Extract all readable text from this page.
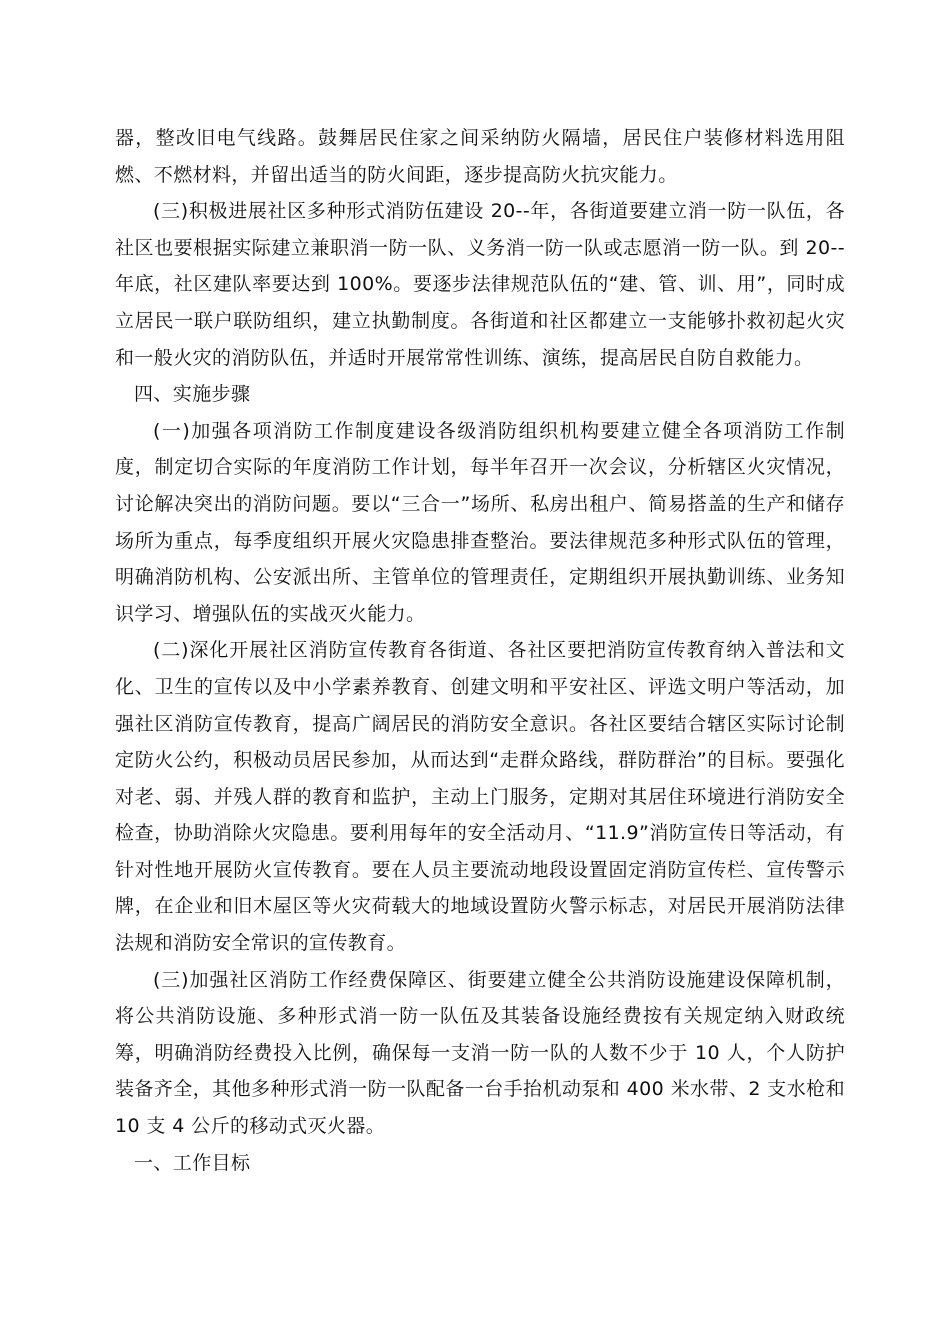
器，整改旧电气线路。鼓舞居民住家之间采纳防火隔墙，居民住户装修材料选用阻燃、不燃材料，并留出适当的防火间距，逐步提高防火抗灾能力。

(三)积极进展社区多种形式消防伍建设 20--年，各街道要建立消一防一队伍，各社区也要根据实际建立兼职消一防一队、义务消一防一队或志愿消一防一队。到 20--年底，社区建队率要达到 100%。要逐步法律规范队伍的“建、管、训、用”，同时成立居民一联户联防组织，建立执勤制度。各街道和社区都建立一支能够扑救初起火灾和一般火灾的消防队伍，并适时开展常常性训练、演练，提高居民自防自救能力。

四、实施步骤

(一)加强各项消防工作制度建设各级消防组织机构要建立健全各项消防工作制度，制定切合实际的年度消防工作计划，每半年召开一次会议，分析辖区火灾情况，讨论解决突出的消防问题。要以“三合一”场所、私房出租户、简易搭盖的生产和储存场所为重点，每季度组织开展火灾隐患排查整治。要法律规范多种形式队伍的管理，明确消防机构、公安派出所、主管单位的管理责任，定期组织开展执勤训练、业务知识学习、增强队伍的实战灭火能力。

(二)深化开展社区消防宣传教育各街道、各社区要把消防宣传教育纳入普法和文化、卫生的宣传以及中小学素养教育、创建文明和平安社区、评选文明户等活动，加强社区消防宣传教育，提高广阔居民的消防安全意识。各社区要结合辖区实际讨论制定防火公约，积极动员居民参加，从而达到“走群众路线，群防群治”的目标。要强化对老、弱、并残人群的教育和监护，主动上门服务，定期对其居住环境进行消防安全检查，协助消除火灾隐患。要利用每年的安全活动月、“11.9”消防宣传日等活动，有针对性地开展防火宣传教育。要在人员主要流动地段设置固定消防宣传栏、宣传警示牌，在企业和旧木屋区等火灾荷载大的地域设置防火警示标志，对居民开展消防法律法规和消防安全常识的宣传教育。

(三)加强社区消防工作经费保障区、街要建立健全公共消防设施建设保障机制，将公共消防设施、多种形式消一防一队伍及其装备设施经费按有关规定纳入财政统筹，明确消防经费投入比例，确保每一支消一防一队的人数不少于 10 人，个人防护装备齐全，其他多种形式消一防一队配备一台手抬机动泵和 400 米水带、2 支水枪和 10 支 4 公斤的移动式灭火器。

一、工作目标
